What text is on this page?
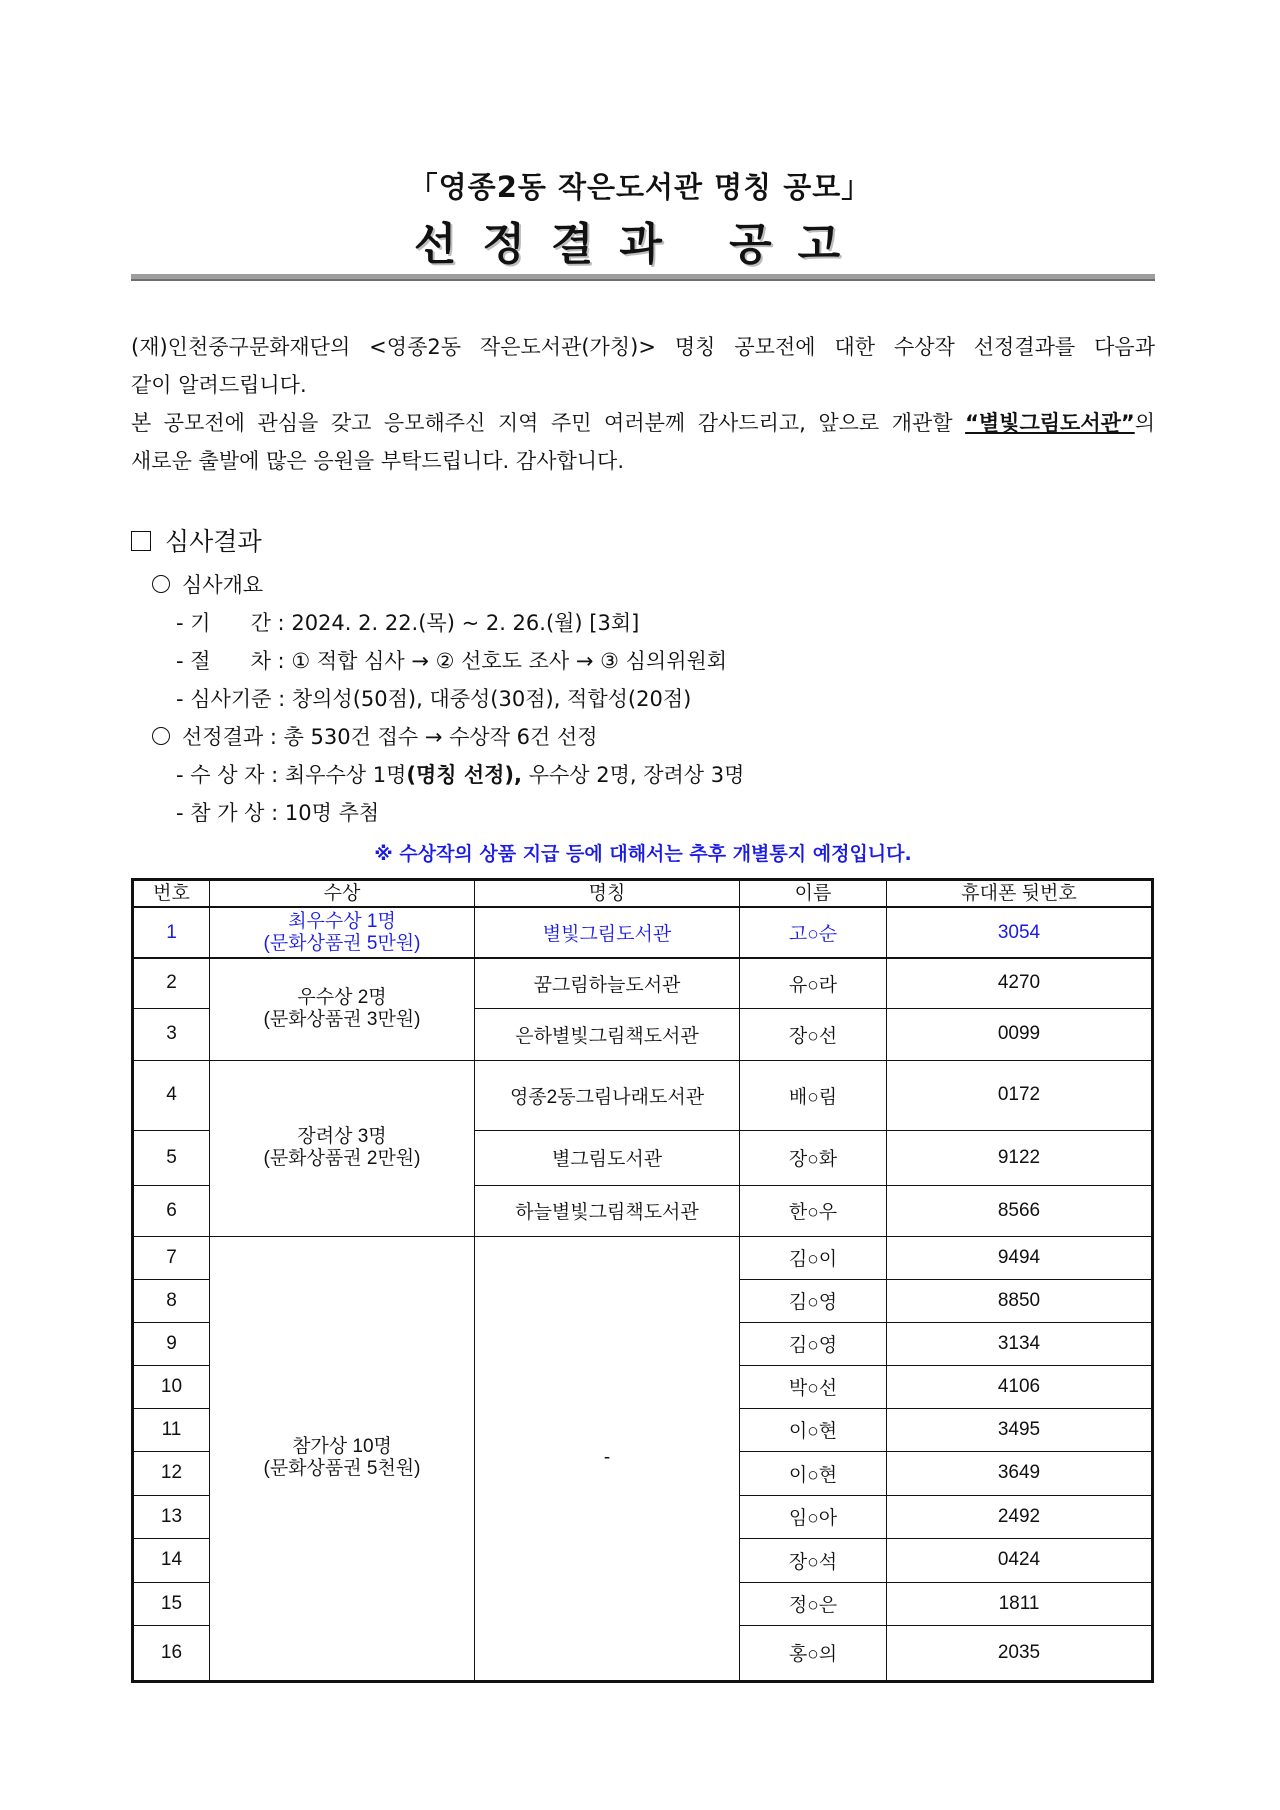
「영종2동 작은도서관 명칭 공모」
선정결과 공고

(재)인천중구문화재단의 <영종2동 작은도서관(가칭)> 명칭 공모전에 대한 수상작 선정결과를 다음과

같이 알려드립니다.

본 공모전에 관심을 갖고 응모해주신 지역 주민 여러분께 감사드리고, 앞으로 개관할 “별빛그림도서관”의

새로운 출발에 많은 응원을 부탁드립니다. 감사합니다.

심사결과
심사개요
- 기      간 : 2024. 2. 22.(목) ~ 2. 26.(월) [3회]
- 절      차 : ① 적합 심사 → ② 선호도 조사 → ③ 심의위원회
- 심사기준 : 창의성(50점), 대중성(30점), 적합성(20점)
선정결과 : 총 530건 접수 → 수상작 6건 선정
- 수 상 자 : 최우수상 1명(명칭 선정), 우수상 2명, 장려상 3명
- 참 가 상 : 10명 추첨
※ 수상작의 상품 지급 등에 대해서는 추후 개별통지 예정입니다.
번호	수상	명칭	이름	휴대폰 뒷번호
1	최우수상 1명
(문화상품권 5만원)	별빛그림도서관	고○순	3054
2	우수상 2명
(문화상품권 3만원)	꿈그림하늘도서관	유○라	4270
3		은하별빛그림책도서관	장○선	0099
4	장려상 3명
(문화상품권 2만원)	영종2동그림나래도서관	배○림	0172
5		별그림도서관	장○화	9122
6		하늘별빛그림책도서관	한○우	8566
7	참가상 10명
(문화상품권 5천원)	-	김○이	9494
8			김○영	8850
9			김○영	3134
10			박○선	4106
11			이○현	3495
12			이○현	3649
13			임○아	2492
14			장○석	0424
15			정○은	1811
16			홍○의	2035
